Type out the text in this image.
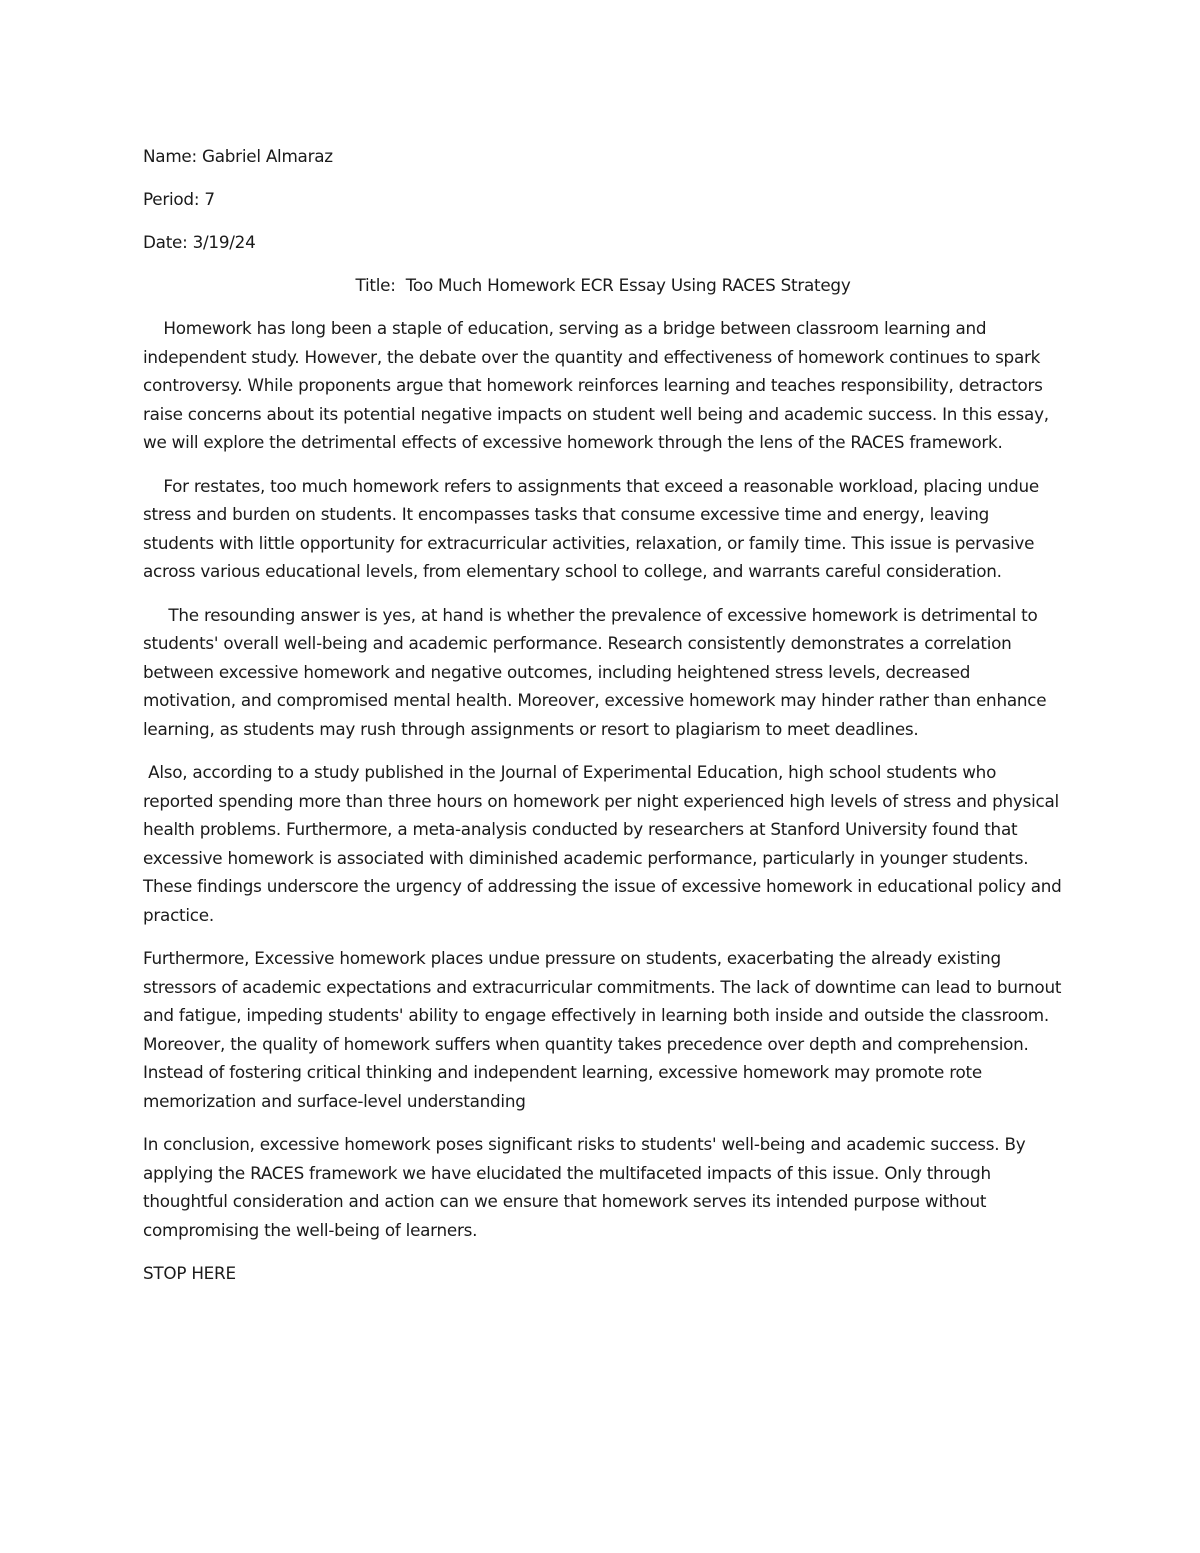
Name: Gabriel Almaraz

Period: 7

Date: 3/19/24

Title:  Too Much Homework ECR Essay Using RACES Strategy

Homework has long been a staple of education, serving as a bridge between classroom learning and independent study. However, the debate over the quantity and effectiveness of homework continues to spark controversy. While proponents argue that homework reinforces learning and teaches responsibility, detractors raise concerns about its potential negative impacts on student well being and academic success. In this essay, we will explore the detrimental effects of excessive homework through the lens of the RACES framework.

For restates, too much homework refers to assignments that exceed a reasonable workload, placing undue stress and burden on students. It encompasses tasks that consume excessive time and energy, leaving students with little opportunity for extracurricular activities, relaxation, or family time. This issue is pervasive across various educational levels, from elementary school to college, and warrants careful consideration.

The resounding answer is yes, at hand is whether the prevalence of excessive homework is detrimental to students' overall well-being and academic performance. Research consistently demonstrates a correlation between excessive homework and negative outcomes, including heightened stress levels, decreased motivation, and compromised mental health. Moreover, excessive homework may hinder rather than enhance learning, as students may rush through assignments or resort to plagiarism to meet deadlines.

Also, according to a study published in the Journal of Experimental Education, high school students who reported spending more than three hours on homework per night experienced high levels of stress and physical health problems. Furthermore, a meta-analysis conducted by researchers at Stanford University found that excessive homework is associated with diminished academic performance, particularly in younger students. These findings underscore the urgency of addressing the issue of excessive homework in educational policy and practice.

Furthermore, Excessive homework places undue pressure on students, exacerbating the already existing stressors of academic expectations and extracurricular commitments. The lack of downtime can lead to burnout and fatigue, impeding students' ability to engage effectively in learning both inside and outside the classroom. Moreover, the quality of homework suffers when quantity takes precedence over depth and comprehension. Instead of fostering critical thinking and independent learning, excessive homework may promote rote memorization and surface-level understanding

In conclusion, excessive homework poses significant risks to students' well-being and academic success. By applying the RACES framework we have elucidated the multifaceted impacts of this issue. Only through thoughtful consideration and action can we ensure that homework serves its intended purpose without compromising the well-being of learners.

STOP HERE
